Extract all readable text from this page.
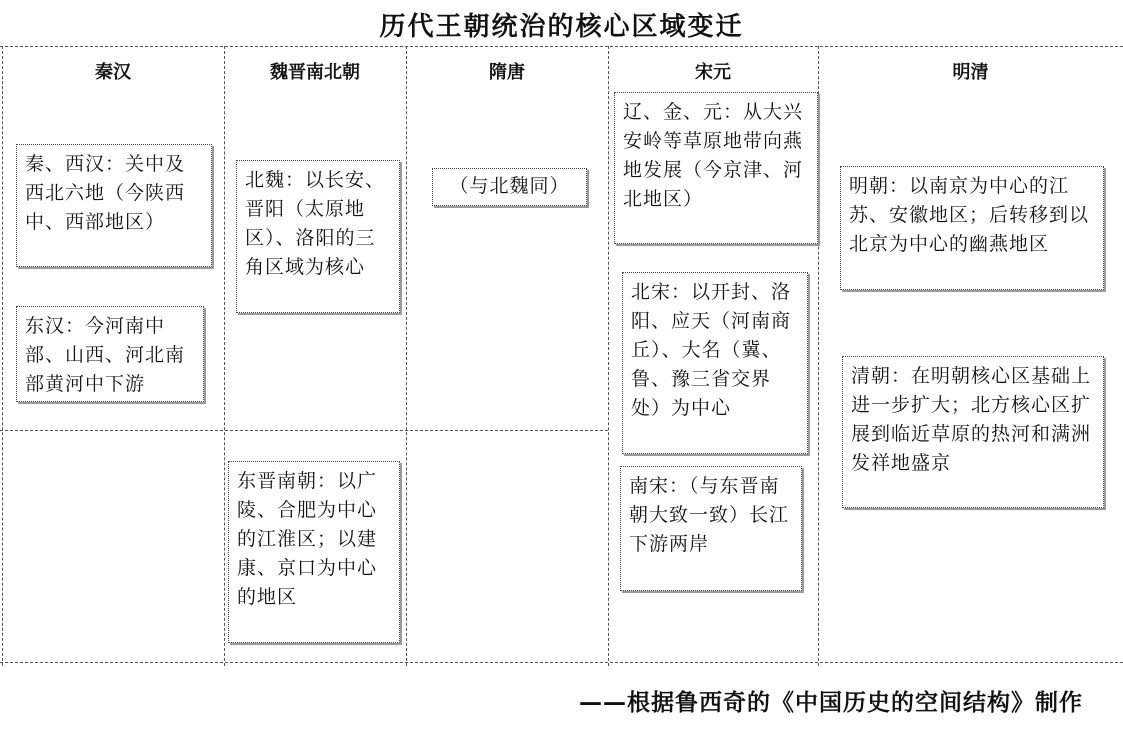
历代王朝统治的核心区域变迁
秦汉	魏晋南北朝	隋唐	宋元	明清
秦、西汉：关中及西北六地（今陕西中、西部地区）
东汉：今河南中部、山西、河北南部黄河中下游
北魏：以长安、晋阳（太原地区）、洛阳的三角区域为核心
东晋南朝：以广陵、合肥为中心的江淮区；以建康、京口为中心的地区
（与北魏同）
辽、金、元：从大兴安岭等草原地带向燕地发展（今京津、河北地区）
北宋：以开封、洛阳、应天（河南商丘）、大名（冀、鲁、豫三省交界处）为中心
南宋：（与东晋南朝大致一致）长江下游两岸
明朝：以南京为中心的江苏、安徽地区；后转移到以北京为中心的幽燕地区
清朝：在明朝核心区基础上进一步扩大；北方核心区扩展到临近草原的热河和满洲发祥地盛京
——根据鲁西奇的《中国历史的空间结构》制作
